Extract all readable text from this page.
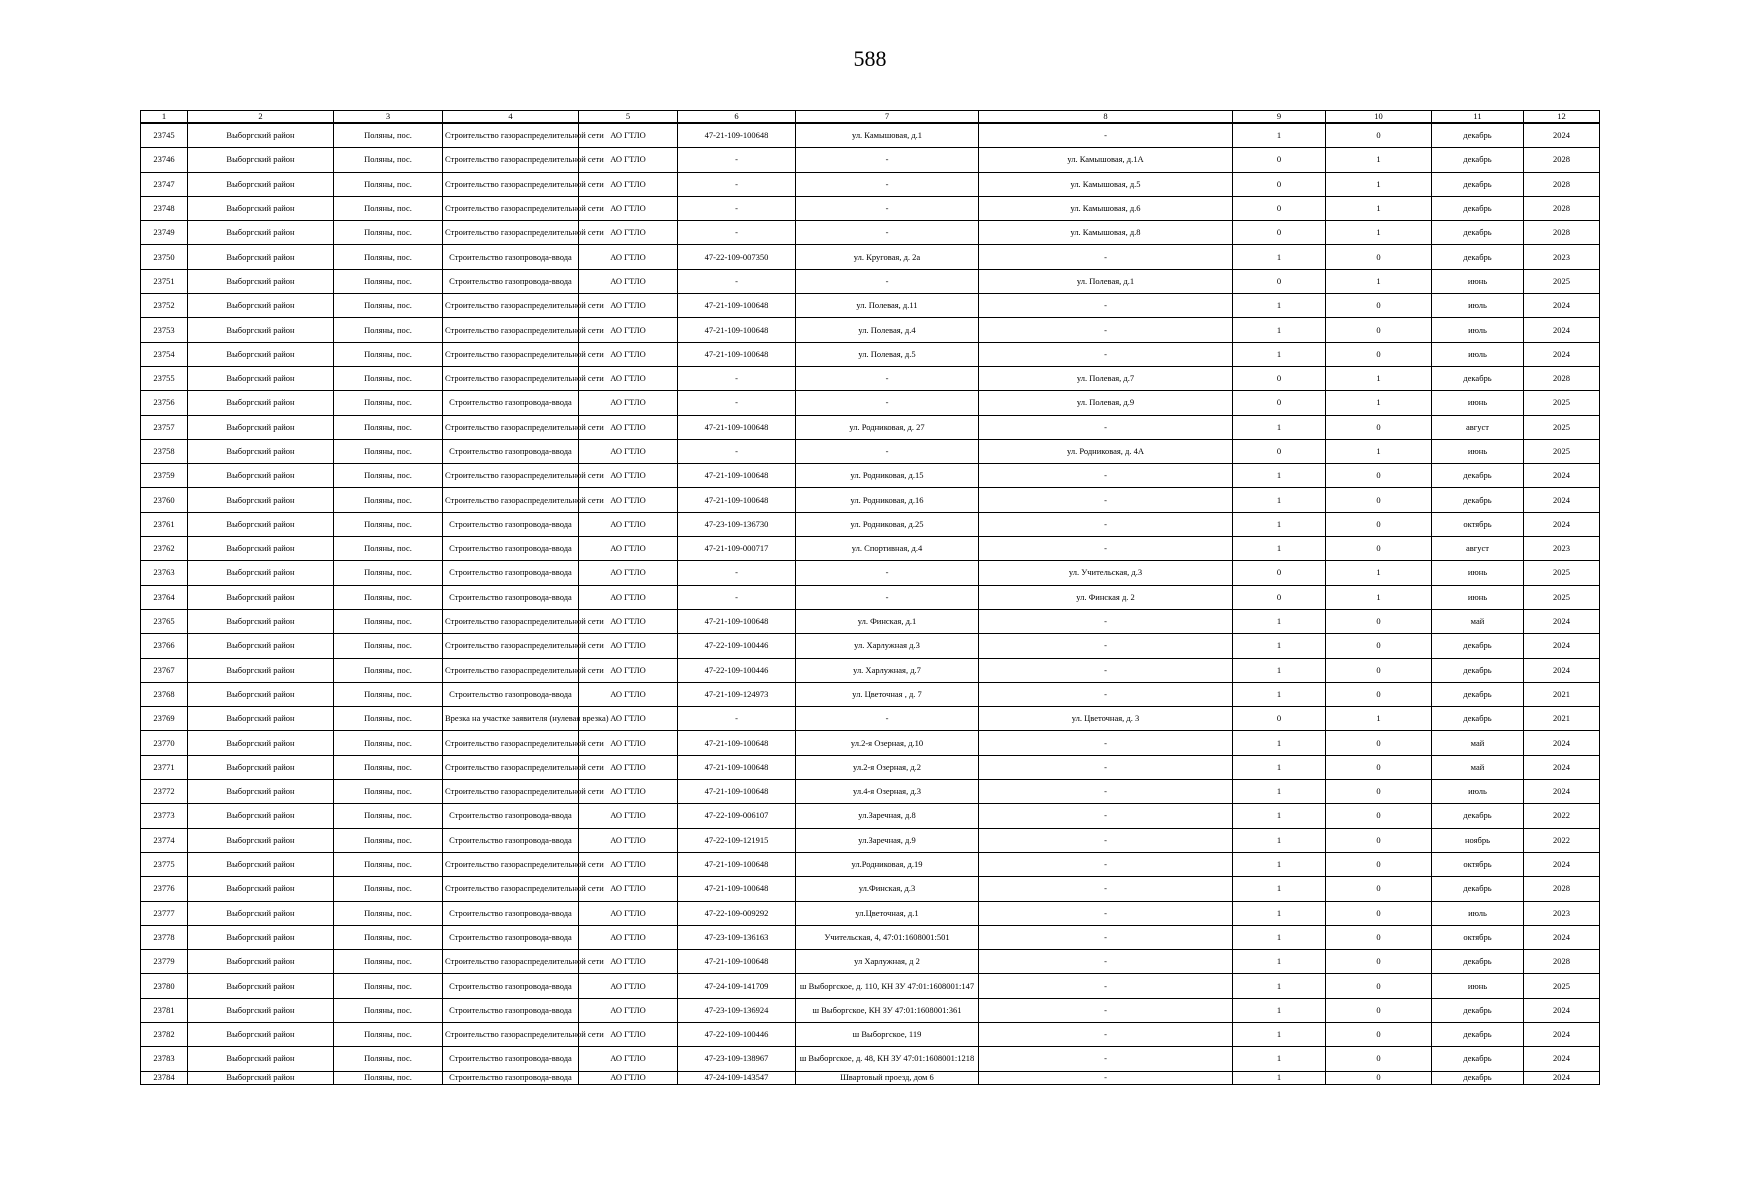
588
1	2	3	4	5	6	7	8	9	10	11	12
23745	Выборгский район	Поляны, пос.	Строительство газораспределительной сети	АО ГТЛО	47-21-109-100648	ул. Камышовая, д.1	-	1	0	декабрь	2024
23746	Выборгский район	Поляны, пос.	Строительство газораспределительной сети	АО ГТЛО	-	-	ул. Камышовая, д.1А	0	1	декабрь	2028
23747	Выборгский район	Поляны, пос.	Строительство газораспределительной сети	АО ГТЛО	-	-	ул. Камышовая, д.5	0	1	декабрь	2028
23748	Выборгский район	Поляны, пос.	Строительство газораспределительной сети	АО ГТЛО	-	-	ул. Камышовая, д.6	0	1	декабрь	2028
23749	Выборгский район	Поляны, пос.	Строительство газораспределительной сети	АО ГТЛО	-	-	ул. Камышовая, д.8	0	1	декабрь	2028
23750	Выборгский район	Поляны, пос.	Строительство газопровода-ввода	АО ГТЛО	47-22-109-007350	ул. Круговая, д. 2а	-	1	0	декабрь	2023
23751	Выборгский район	Поляны, пос.	Строительство газопровода-ввода	АО ГТЛО	-	-	ул. Полевая, д.1	0	1	июнь	2025
23752	Выборгский район	Поляны, пос.	Строительство газораспределительной сети	АО ГТЛО	47-21-109-100648	ул. Полевая, д.11	-	1	0	июль	2024
23753	Выборгский район	Поляны, пос.	Строительство газораспределительной сети	АО ГТЛО	47-21-109-100648	ул. Полевая, д.4	-	1	0	июль	2024
23754	Выборгский район	Поляны, пос.	Строительство газораспределительной сети	АО ГТЛО	47-21-109-100648	ул. Полевая, д.5	-	1	0	июль	2024
23755	Выборгский район	Поляны, пос.	Строительство газораспределительной сети	АО ГТЛО	-	-	ул. Полевая, д.7	0	1	декабрь	2028
23756	Выборгский район	Поляны, пос.	Строительство газопровода-ввода	АО ГТЛО	-	-	ул. Полевая, д.9	0	1	июнь	2025
23757	Выборгский район	Поляны, пос.	Строительство газораспределительной сети	АО ГТЛО	47-21-109-100648	ул. Родниковая, д. 27	-	1	0	август	2025
23758	Выборгский район	Поляны, пос.	Строительство газопровода-ввода	АО ГТЛО	-	-	ул. Родниковая, д. 4А	0	1	июнь	2025
23759	Выборгский район	Поляны, пос.	Строительство газораспределительной сети	АО ГТЛО	47-21-109-100648	ул. Родниковая, д.15	-	1	0	декабрь	2024
23760	Выборгский район	Поляны, пос.	Строительство газораспределительной сети	АО ГТЛО	47-21-109-100648	ул. Родниковая, д.16	-	1	0	декабрь	2024
23761	Выборгский район	Поляны, пос.	Строительство газопровода-ввода	АО ГТЛО	47-23-109-136730	ул. Родниковая, д.25	-	1	0	октябрь	2024
23762	Выборгский район	Поляны, пос.	Строительство газопровода-ввода	АО ГТЛО	47-21-109-000717	ул. Спортивная, д.4	-	1	0	август	2023
23763	Выборгский район	Поляны, пос.	Строительство газопровода-ввода	АО ГТЛО	-	-	ул. Учительская, д.3	0	1	июнь	2025
23764	Выборгский район	Поляны, пос.	Строительство газопровода-ввода	АО ГТЛО	-	-	ул. Финская д. 2	0	1	июнь	2025
23765	Выборгский район	Поляны, пос.	Строительство газораспределительной сети	АО ГТЛО	47-21-109-100648	ул. Финская, д.1	-	1	0	май	2024
23766	Выборгский район	Поляны, пос.	Строительство газораспределительной сети	АО ГТЛО	47-22-109-100446	ул. Харлужная д.3	-	1	0	декабрь	2024
23767	Выборгский район	Поляны, пос.	Строительство газораспределительной сети	АО ГТЛО	47-22-109-100446	ул. Харлужная, д.7	-	1	0	декабрь	2024
23768	Выборгский район	Поляны, пос.	Строительство газопровода-ввода	АО ГТЛО	47-21-109-124973	ул. Цветочная , д. 7	-	1	0	декабрь	2021
23769	Выборгский район	Поляны, пос.	Врезка на участке заявителя (нулевая врезка)	АО ГТЛО	-	-	ул. Цветочная, д. 3	0	1	декабрь	2021
23770	Выборгский район	Поляны, пос.	Строительство газораспределительной сети	АО ГТЛО	47-21-109-100648	ул.2-я Озерная, д.10	-	1	0	май	2024
23771	Выборгский район	Поляны, пос.	Строительство газораспределительной сети	АО ГТЛО	47-21-109-100648	ул.2-я Озерная, д.2	-	1	0	май	2024
23772	Выборгский район	Поляны, пос.	Строительство газораспределительной сети	АО ГТЛО	47-21-109-100648	ул.4-я Озерная, д.3	-	1	0	июль	2024
23773	Выборгский район	Поляны, пос.	Строительство газопровода-ввода	АО ГТЛО	47-22-109-006107	ул.Заречная, д.8	-	1	0	декабрь	2022
23774	Выборгский район	Поляны, пос.	Строительство газопровода-ввода	АО ГТЛО	47-22-109-121915	ул.Заречная, д.9	-	1	0	ноябрь	2022
23775	Выборгский район	Поляны, пос.	Строительство газораспределительной сети	АО ГТЛО	47-21-109-100648	ул.Родниковая, д.19	-	1	0	октябрь	2024
23776	Выборгский район	Поляны, пос.	Строительство газораспределительной сети	АО ГТЛО	47-21-109-100648	ул.Финская, д.3	-	1	0	декабрь	2028
23777	Выборгский район	Поляны, пос.	Строительство газопровода-ввода	АО ГТЛО	47-22-109-009292	ул.Цветочная, д.1	-	1	0	июль	2023
23778	Выборгский район	Поляны, пос.	Строительство газопровода-ввода	АО ГТЛО	47-23-109-136163	Учительская, 4, 47:01:1608001:501	-	1	0	октябрь	2024
23779	Выборгский район	Поляны, пос.	Строительство газораспределительной сети	АО ГТЛО	47-21-109-100648	ул Харлужная, д 2	-	1	0	декабрь	2028
23780	Выборгский район	Поляны, пос.	Строительство газопровода-ввода	АО ГТЛО	47-24-109-141709	ш Выборгское, д. 110, КН ЗУ 47:01:1608001:147	-	1	0	июнь	2025
23781	Выборгский район	Поляны, пос.	Строительство газопровода-ввода	АО ГТЛО	47-23-109-136924	ш Выборгское, КН ЗУ 47:01:1608001:361	-	1	0	декабрь	2024
23782	Выборгский район	Поляны, пос.	Строительство газораспределительной сети	АО ГТЛО	47-22-109-100446	ш Выборгское, 119	-	1	0	декабрь	2024
23783	Выборгский район	Поляны, пос.	Строительство газопровода-ввода	АО ГТЛО	47-23-109-138967	ш Выборгское, д. 48, КН ЗУ 47:01:1608001:1218	-	1	0	декабрь	2024
23784	Выборгский район	Поляны, пос.	Строительство газопровода-ввода	АО ГТЛО	47-24-109-143547	Швартовый проезд, дом 6	-	1	0	декабрь	2024
